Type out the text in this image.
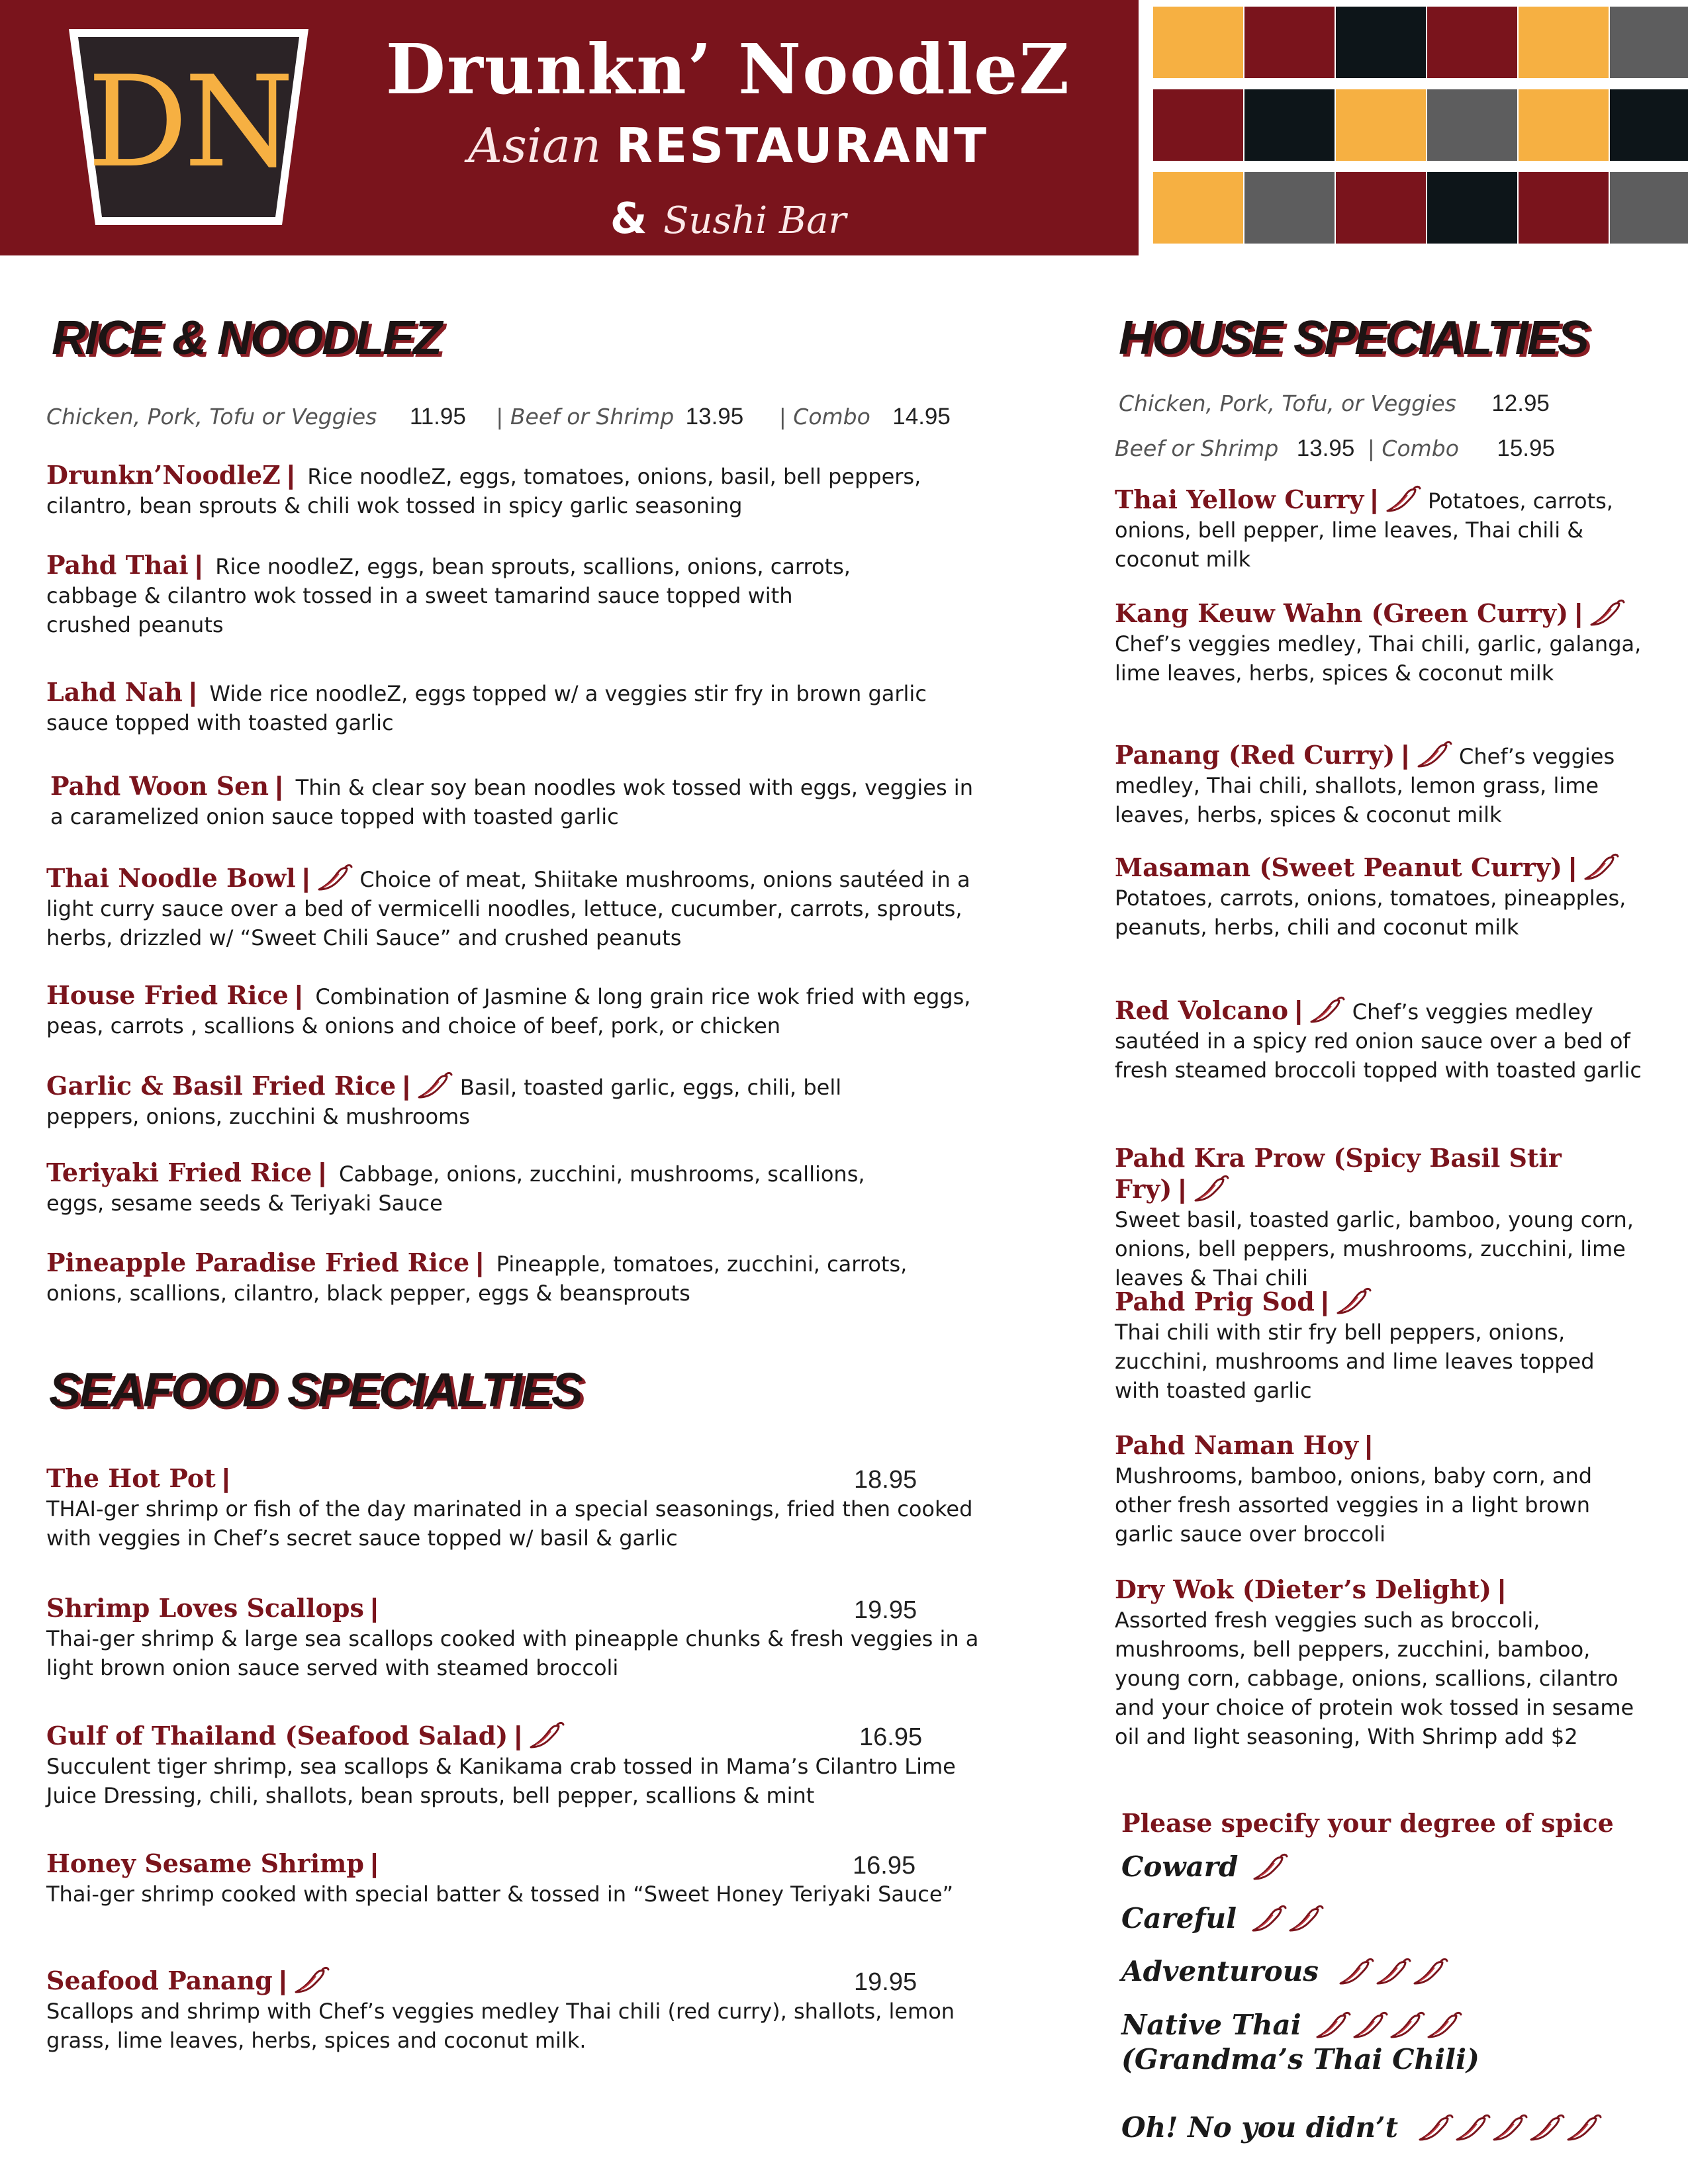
DN	Drunkn’ NoodleZ
Asian RESTAURANT
& Sushi Bar
RICE & NOODLEZ
Chicken, Pork, Tofu or Veggies 11.95 | Beef or Shrimp 13.95 | Combo 14.95
Drunkn’NoodleZ | Rice noodleZ, eggs, tomatoes, onions, basil, bell peppers, cilantro, bean sprouts & chili wok tossed in spicy garlic seasoning
Pahd Thai | Rice noodleZ, eggs, bean sprouts, scallions, onions, carrots, cabbage & cilantro wok tossed in a sweet tamarind sauce topped with crushed peanuts
Lahd Nah | Wide rice noodleZ, eggs topped w/ a veggies stir fry in brown garlic sauce topped with toasted garlic
Pahd Woon Sen | Thin & clear soy bean noodles wok tossed with eggs, veggies in a caramelized onion sauce topped with toasted garlic
Thai Noodle Bowl | Choice of meat, Shiitake mushrooms, onions sautéed in a light curry sauce over a bed of vermicelli noodles, lettuce, cucumber, carrots, sprouts, herbs, drizzled w/ “Sweet Chili Sauce” and crushed peanuts
House Fried Rice | Combination of Jasmine & long grain rice wok fried with eggs, peas, carrots , scallions & onions and choice of beef, pork, or chicken
Garlic & Basil Fried Rice | Basil, toasted garlic, eggs, chili, bell peppers, onions, zucchini & mushrooms
Teriyaki Fried Rice | Cabbage, onions, zucchini, mushrooms, scallions, eggs, sesame seeds & Teriyaki Sauce
Pineapple Paradise Fried Rice | Pineapple, tomatoes, zucchini, carrots, onions, scallions, cilantro, black pepper, eggs & beansprouts
SEAFOOD SPECIALTIES
The Hot Pot |
THAI-ger shrimp or fish of the day marinated in a special seasonings, fried then cooked with veggies in Chef’s secret sauce topped w/ basil & garlic
18.95
Shrimp Loves Scallops |
Thai-ger shrimp & large sea scallops cooked with pineapple chunks & fresh veggies in a light brown onion sauce served with steamed broccoli
19.95
Gulf of Thailand (Seafood Salad) |
Succulent tiger shrimp, sea scallops & Kanikama crab tossed in Mama’s Cilantro Lime Juice Dressing, chili, shallots, bean sprouts, bell pepper, scallions & mint
16.95
Honey Sesame Shrimp |
Thai-ger shrimp cooked with special batter & tossed in “Sweet Honey Teriyaki Sauce”
16.95
Seafood Panang |
Scallops and shrimp with Chef’s veggies medley Thai chili (red curry), shallots, lemon grass, lime leaves, herbs, spices and coconut milk.
19.95
HOUSE SPECIALTIES
Chicken, Pork, Tofu, or Veggies 12.95
Beef or Shrimp 13.95 | Combo 15.95
Thai Yellow Curry | Potatoes, carrots, onions, bell pepper, lime leaves, Thai chili & coconut milk
Kang Keuw Wahn (Green Curry) |
Chef’s veggies medley, Thai chili, garlic, galanga, lime leaves, herbs, spices & coconut milk
Panang (Red Curry) | Chef’s veggies medley, Thai chili, shallots, lemon grass, lime leaves, herbs, spices & coconut milk
Masaman (Sweet Peanut Curry) |
Potatoes, carrots, onions, tomatoes, pineapples, peanuts, herbs, chili and coconut milk
Red Volcano | Chef’s veggies medley sautéed in a spicy red onion sauce over a bed of fresh steamed broccoli topped with toasted garlic
Pahd Kra Prow (Spicy Basil Stir Fry) |
Sweet basil, toasted garlic, bamboo, young corn, onions, bell peppers, mushrooms, zucchini, lime leaves & Thai chili
Pahd Prig Sod |
Thai chili with stir fry bell peppers, onions, zucchini, mushrooms and lime leaves topped with toasted garlic
Pahd Naman Hoy |
Mushrooms, bamboo, onions, baby corn, and other fresh assorted veggies in a light brown garlic sauce over broccoli
Dry Wok (Dieter’s Delight) |
Assorted fresh veggies such as broccoli, mushrooms, bell peppers, zucchini, bamboo, young corn, cabbage, onions, scallions, cilantro and your choice of protein wok tossed in sesame oil and light seasoning, With Shrimp add $2
Please specify your degree of spice
Coward
Careful
Adventurous
Native Thai
(Grandma’s Thai Chili)
Oh! No you didn’t
